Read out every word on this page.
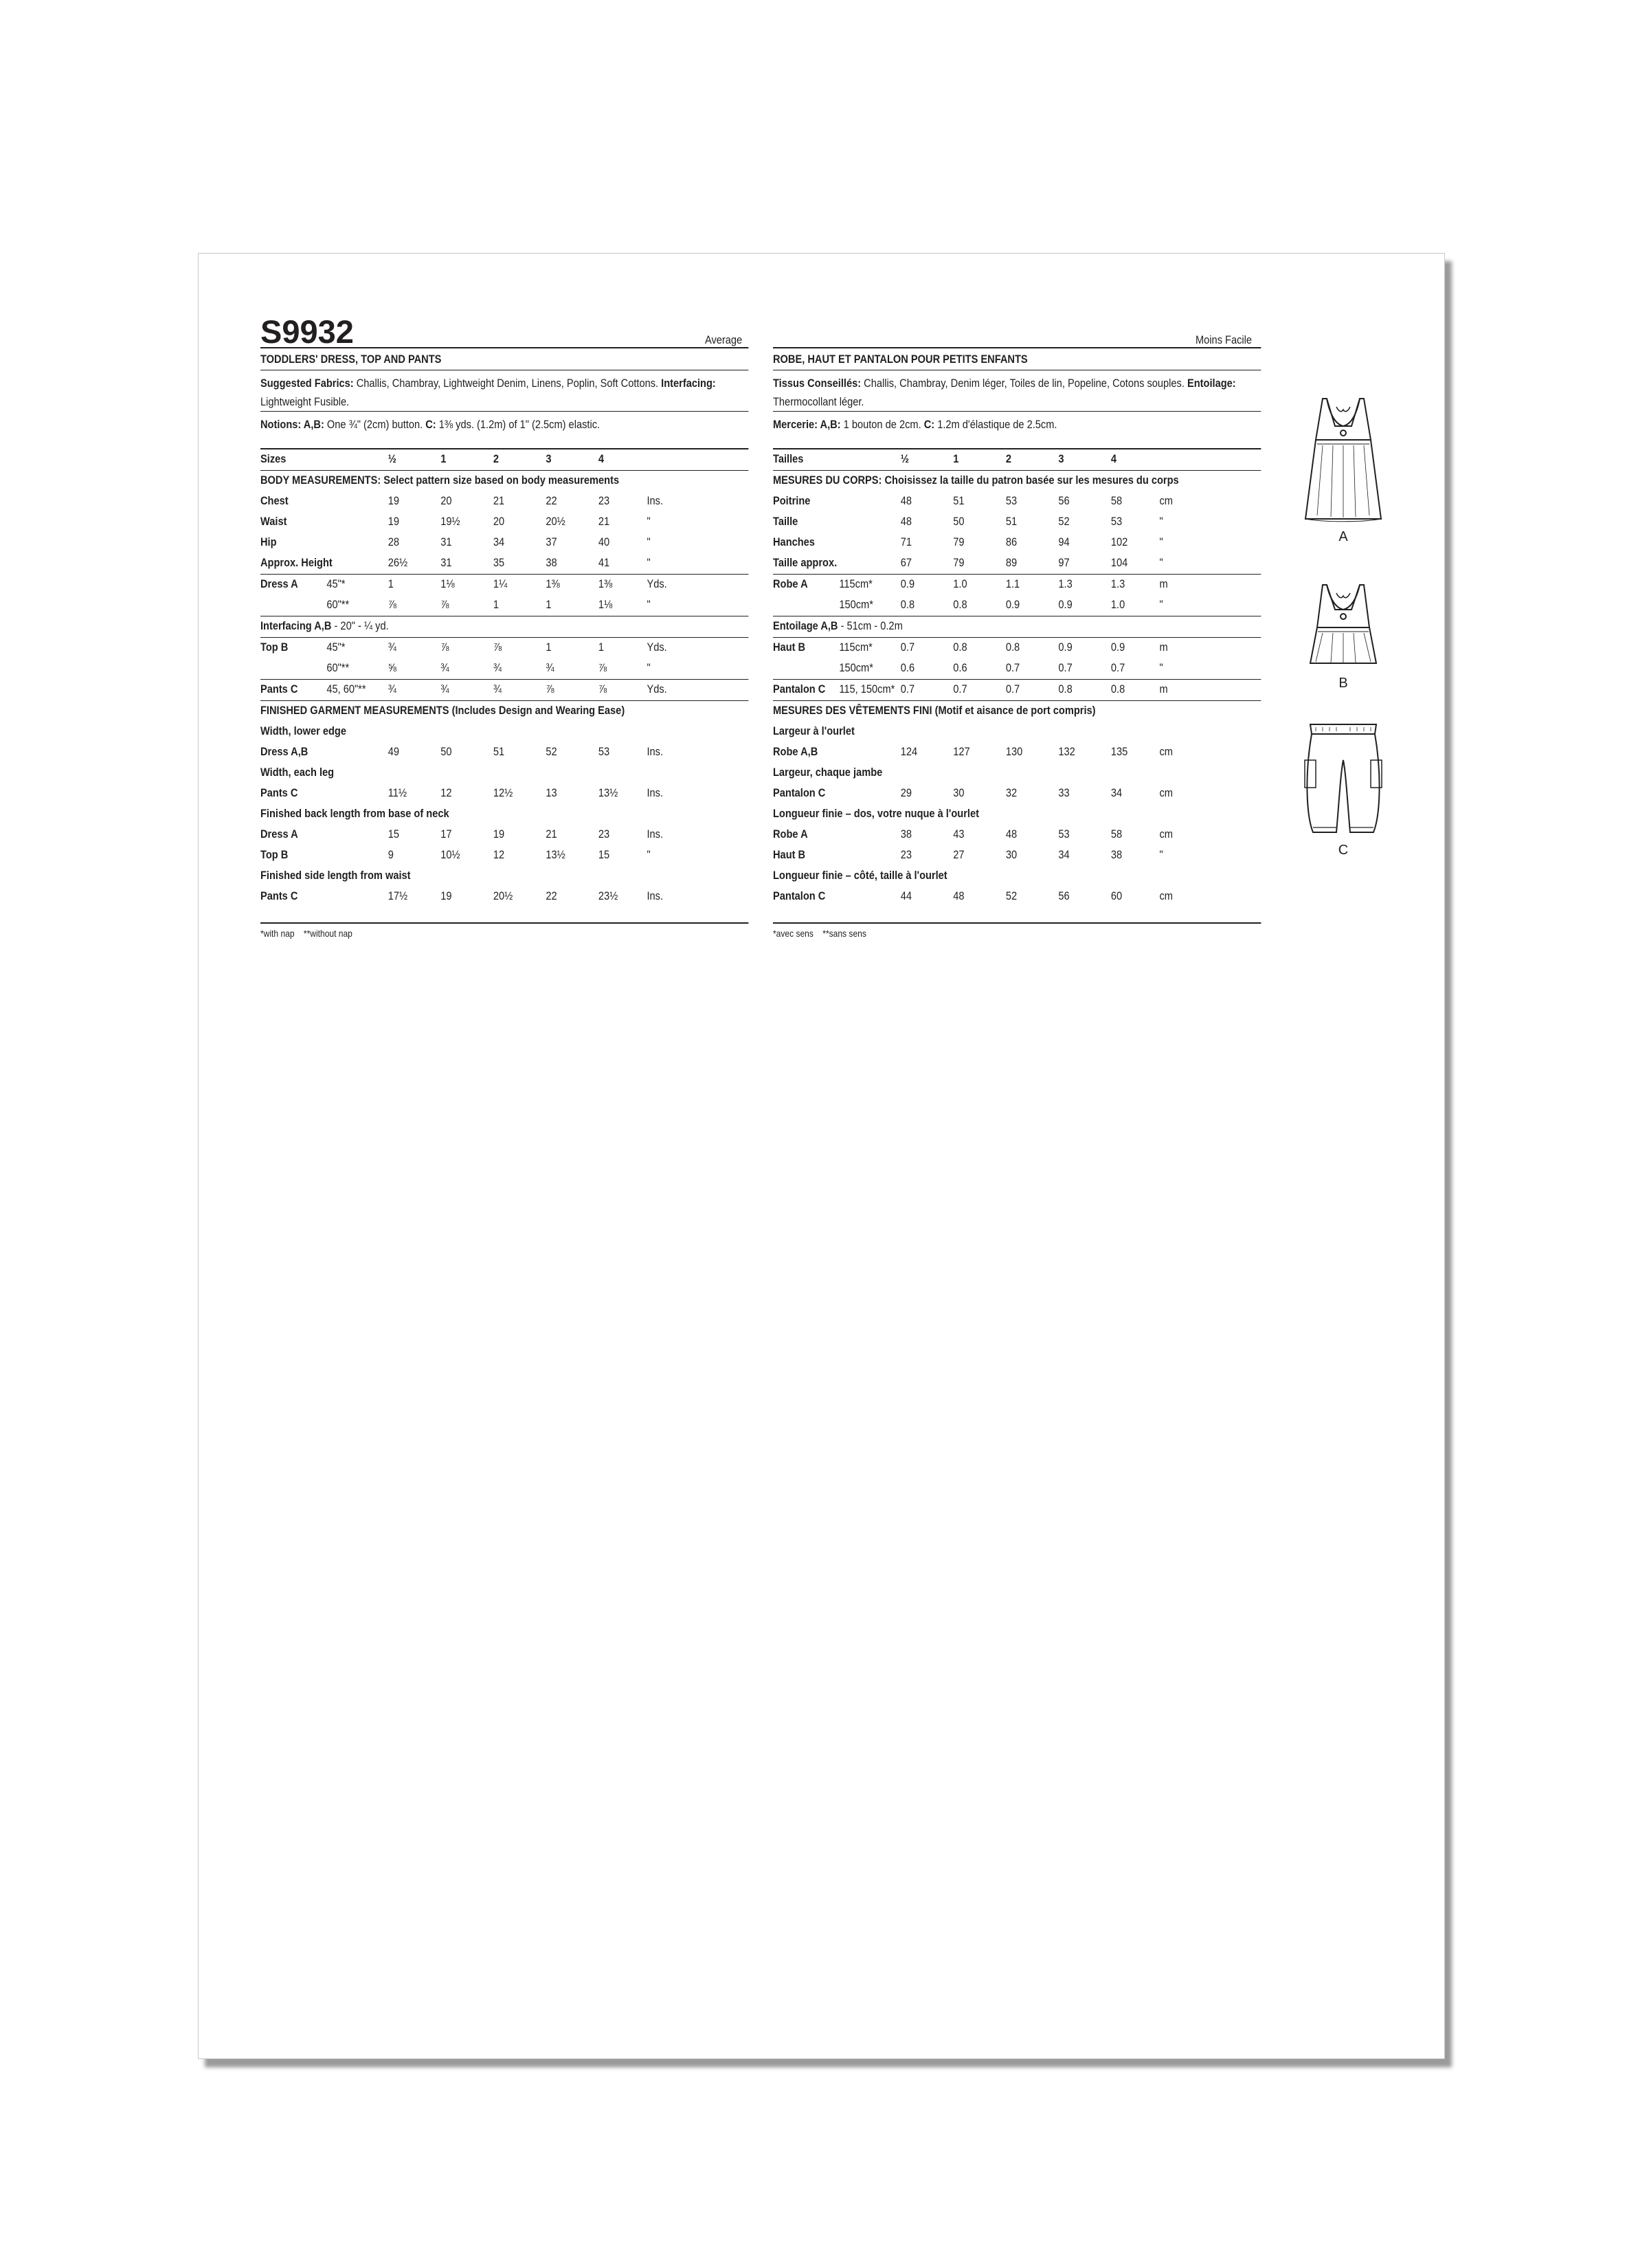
S9932	Average
TODDLERS' DRESS, TOP AND PANTS
Suggested Fabrics: Challis, Chambray, Lightweight Denim, Linens, Poplin, Soft Cottons. Interfacing: Lightweight Fusible.
Notions: A,B: One ¾" (2cm) button. C: 1⅜ yds. (1.2m) of 1" (2.5cm) elastic.
Sizes	½	1	2	3	4
BODY MEASUREMENTS: Select pattern size based on body measurements
Chest	19	20	21	22	23	Ins.
Waist	19	19½	20	20½	21	"
Hip	28	31	34	37	40	"
Approx. Height	26½	31	35	38	41	"
Dress A 45"*	1	1⅛	1¼	1⅜	1⅜	Yds.
60"**	⅞	⅞	1	1	1⅛	"
Interfacing A,B - 20" - ¼ yd.
Top B	45"*	¾	⅞	⅞	1	1	Yds.
60"**	⅝	¾	¾	¾	⅞	"
Pants C 45, 60"** ¾	¾	¾	⅞	⅞	Yds.
FINISHED GARMENT MEASUREMENTS (Includes Design and Wearing Ease)
Width, lower edge
Dress A,B	49	50	51	52	53	Ins.
Width, each leg
Pants C	11½	12	12½	13	13½ Ins.
Finished back length from base of neck
Dress A	15	17	19	21	23	Ins.
Top B	9	10½	12	13½	15	"
Finished side length from waist
Pants C	17½	19	20½	22	23½ Ins.
*with nap    **without nap
Moins Facile
ROBE, HAUT ET PANTALON POUR PETITS ENFANTS
Tissus Conseillés: Challis, Chambray, Denim léger, Toiles de lin, Popeline, Cotons souples. Entoilage: Thermocollant léger.
Mercerie: A,B: 1 bouton de 2cm. C: 1.2m d'élastique de 2.5cm.
Tailles	½	1	2	3	4
MESURES DU CORPS: Choisissez la taille du patron basée sur les mesures du corps
Poitrine	48	51	53	56	58	cm
Taille	48	50	51	52	53	"
Hanches	71	79	86	94	102	"
Taille approx.	67	79	89	97	104	"
Robe A	115cm* 0.9	1.0	1.1	1.3	1.3	m
150cm* 0.8	0.8	0.9	0.9	1.0	"
Entoilage A,B - 51cm - 0.2m
Haut B	115cm* 0.7	0.8	0.8	0.9	0.9	m
150cm* 0.6	0.6	0.7	0.7	0.7	"
Pantalon C 115, 150cm* 0.7	0.7	0.7	0.8	0.8	m
MESURES DES VÊTEMENTS FINI (Motif et aisance de port compris)
Largeur à l'ourlet
Robe A,B	124	127	130	132	135	cm
Largeur, chaque jambe
Pantalon C	29	30	32	33	34	cm
Longueur finie – dos, votre nuque à l'ourlet
Robe A	38	43	48	53	58	cm
Haut B	23	27	30	34	38	"
Longueur finie – côté, taille à l'ourlet
Pantalon C	44	48	52	56	60	cm
*avec sens    **sans sens
A
B
C
